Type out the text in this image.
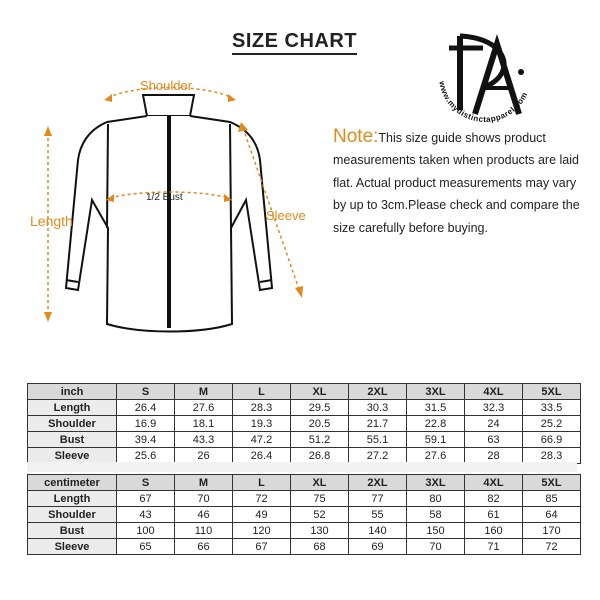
SIZE CHART
www.mydistinctapparel.com
Shoulder
1/2 Bust
Length	Sleeve
Note:This size guide shows product measurements taken when products are laid flat. Actual product measurements may vary by up to 3cm.Please check and compare the size carefully before buying.
inch	S	M	L	XL	2XL	3XL	4XL	5XL
Length	26.4	27.6	28.3	29.5	30.3	31.5	32.3	33.5
Shoulder	16.9	18.1	19.3	20.5	21.7	22.8	24	25.2
Bust	39.4	43.3	47.2	51.2	55.1	59.1	63	66.9
Sleeve	25.6	26	26.4	26.8	27.2	27.6	28	28.3
centimeter	S	M	L	XL	2XL	3XL	4XL	5XL
Length	67	70	72	75	77	80	82	85
Shoulder	43	46	49	52	55	58	61	64
Bust	100	110	120	130	140	150	160	170
Sleeve	65	66	67	68	69	70	71	72
